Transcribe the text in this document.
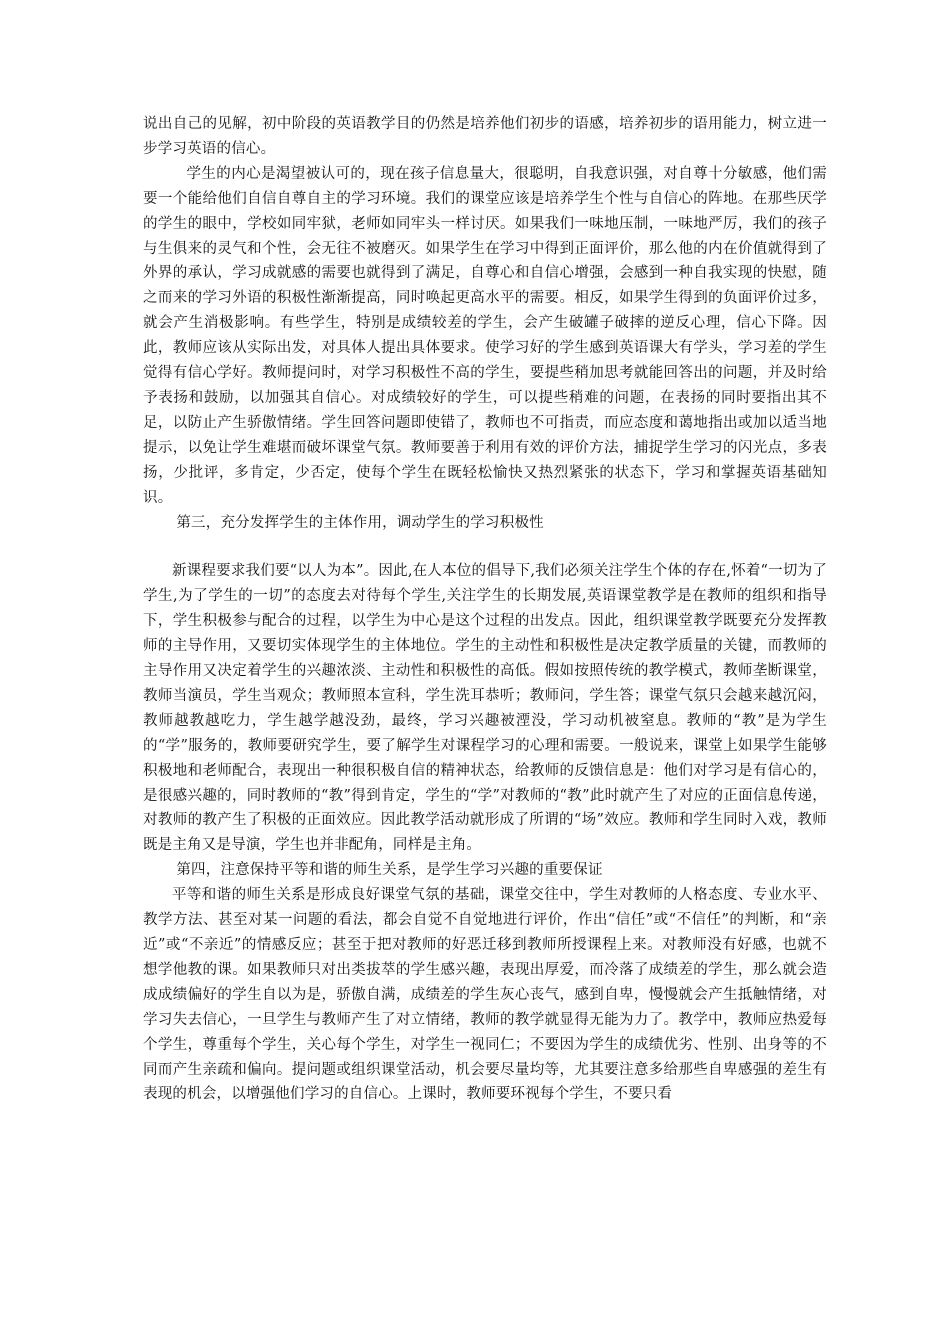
说出自己的见解，初中阶段的英语教学目的仍然是培养他们初步的语感，培养初步的语用能力，树立进一步学习英语的信心。

学生的内心是渴望被认可的，现在孩子信息量大，很聪明，自我意识强，对自尊十分敏感，他们需要一个能给他们自信自尊自主的学习环境。我们的课堂应该是培养学生个性与自信心的阵地。在那些厌学的学生的眼中，学校如同牢狱，老师如同牢头一样讨厌。如果我们一味地压制，一味地严厉，我们的孩子与生俱来的灵气和个性，会无往不被磨灭。如果学生在学习中得到正面评价，那么他的内在价值就得到了外界的承认，学习成就感的需要也就得到了满足，自尊心和自信心增强，会感到一种自我实现的快慰，随之而来的学习外语的积极性渐渐提高，同时唤起更高水平的需要。相反，如果学生得到的负面评价过多，就会产生消极影响。有些学生，特别是成绩较差的学生，会产生破罐子破摔的逆反心理，信心下降。因此，教师应该从实际出发，对具体人提出具体要求。使学习好的学生感到英语课大有学头，学习差的学生觉得有信心学好。教师提问时，对学习积极性不高的学生，要提些稍加思考就能回答出的问题，并及时给予表扬和鼓励，以加强其自信心。对成绩较好的学生，可以提些稍难的问题，在表扬的同时要指出其不足，以防止产生骄傲情绪。学生回答问题即使错了，教师也不可指责，而应态度和蔼地指出或加以适当地提示，以免让学生难堪而破坏课堂气氛。教师要善于利用有效的评价方法，捕捉学生学习的闪光点，多表扬，少批评，多肯定，少否定，使每个学生在既轻松愉快又热烈紧张的状态下，学习和掌握英语基础知识。

第三，充分发挥学生的主体作用，调动学生的学习积极性

新课程要求我们要“以人为本”。因此,在人本位的倡导下,我们必须关注学生个体的存在,怀着“一切为了学生,为了学生的一切”的态度去对待每个学生,关注学生的长期发展,英语课堂教学是在教师的组织和指导下，学生积极参与配合的过程，以学生为中心是这个过程的出发点。因此，组织课堂教学既要充分发挥教师的主导作用，又要切实体现学生的主体地位。学生的主动性和积极性是决定教学质量的关键，而教师的主导作用又决定着学生的兴趣浓淡、主动性和积极性的高低。假如按照传统的教学模式，教师垄断课堂，教师当演员，学生当观众；教师照本宣科，学生洗耳恭听；教师问，学生答；课堂气氛只会越来越沉闷，教师越教越吃力，学生越学越没劲，最终，学习兴趣被湮没，学习动机被窒息。教师的“教”是为学生的“学”服务的，教师要研究学生，要了解学生对课程学习的心理和需要。一般说来，课堂上如果学生能够积极地和老师配合，表现出一种很积极自信的精神状态，给教师的反馈信息是：他们对学习是有信心的，是很感兴趣的，同时教师的“教”得到肯定，学生的“学”对教师的“教”此时就产生了对应的正面信息传递，对教师的教产生了积极的正面效应。因此教学活动就形成了所谓的“场”效应。教师和学生同时入戏，教师既是主角又是导演，学生也并非配角，同样是主角。

第四，注意保持平等和谐的师生关系，是学生学习兴趣的重要保证

平等和谐的师生关系是形成良好课堂气氛的基础，课堂交往中，学生对教师的人格态度、专业水平、教学方法、甚至对某一问题的看法，都会自觉不自觉地进行评价，作出“信任”或“不信任”的判断，和“亲近”或“不亲近”的情感反应；甚至于把对教师的好恶迁移到教师所授课程上来。对教师没有好感，也就不想学他教的课。如果教师只对出类拔萃的学生感兴趣，表现出厚爱，而冷落了成绩差的学生，那么就会造成成绩偏好的学生自以为是，骄傲自满，成绩差的学生灰心丧气，感到自卑，慢慢就会产生抵触情绪，对学习失去信心，一旦学生与教师产生了对立情绪，教师的教学就显得无能为力了。教学中，教师应热爱每个学生，尊重每个学生，关心每个学生，对学生一视同仁；不要因为学生的成绩优劣、性别、出身等的不同而产生亲疏和偏向。提问题或组织课堂活动，机会要尽量均等，尤其要注意多给那些自卑感强的差生有表现的机会，以增强他们学习的自信心。上课时，教师要环视每个学生，不要只看
